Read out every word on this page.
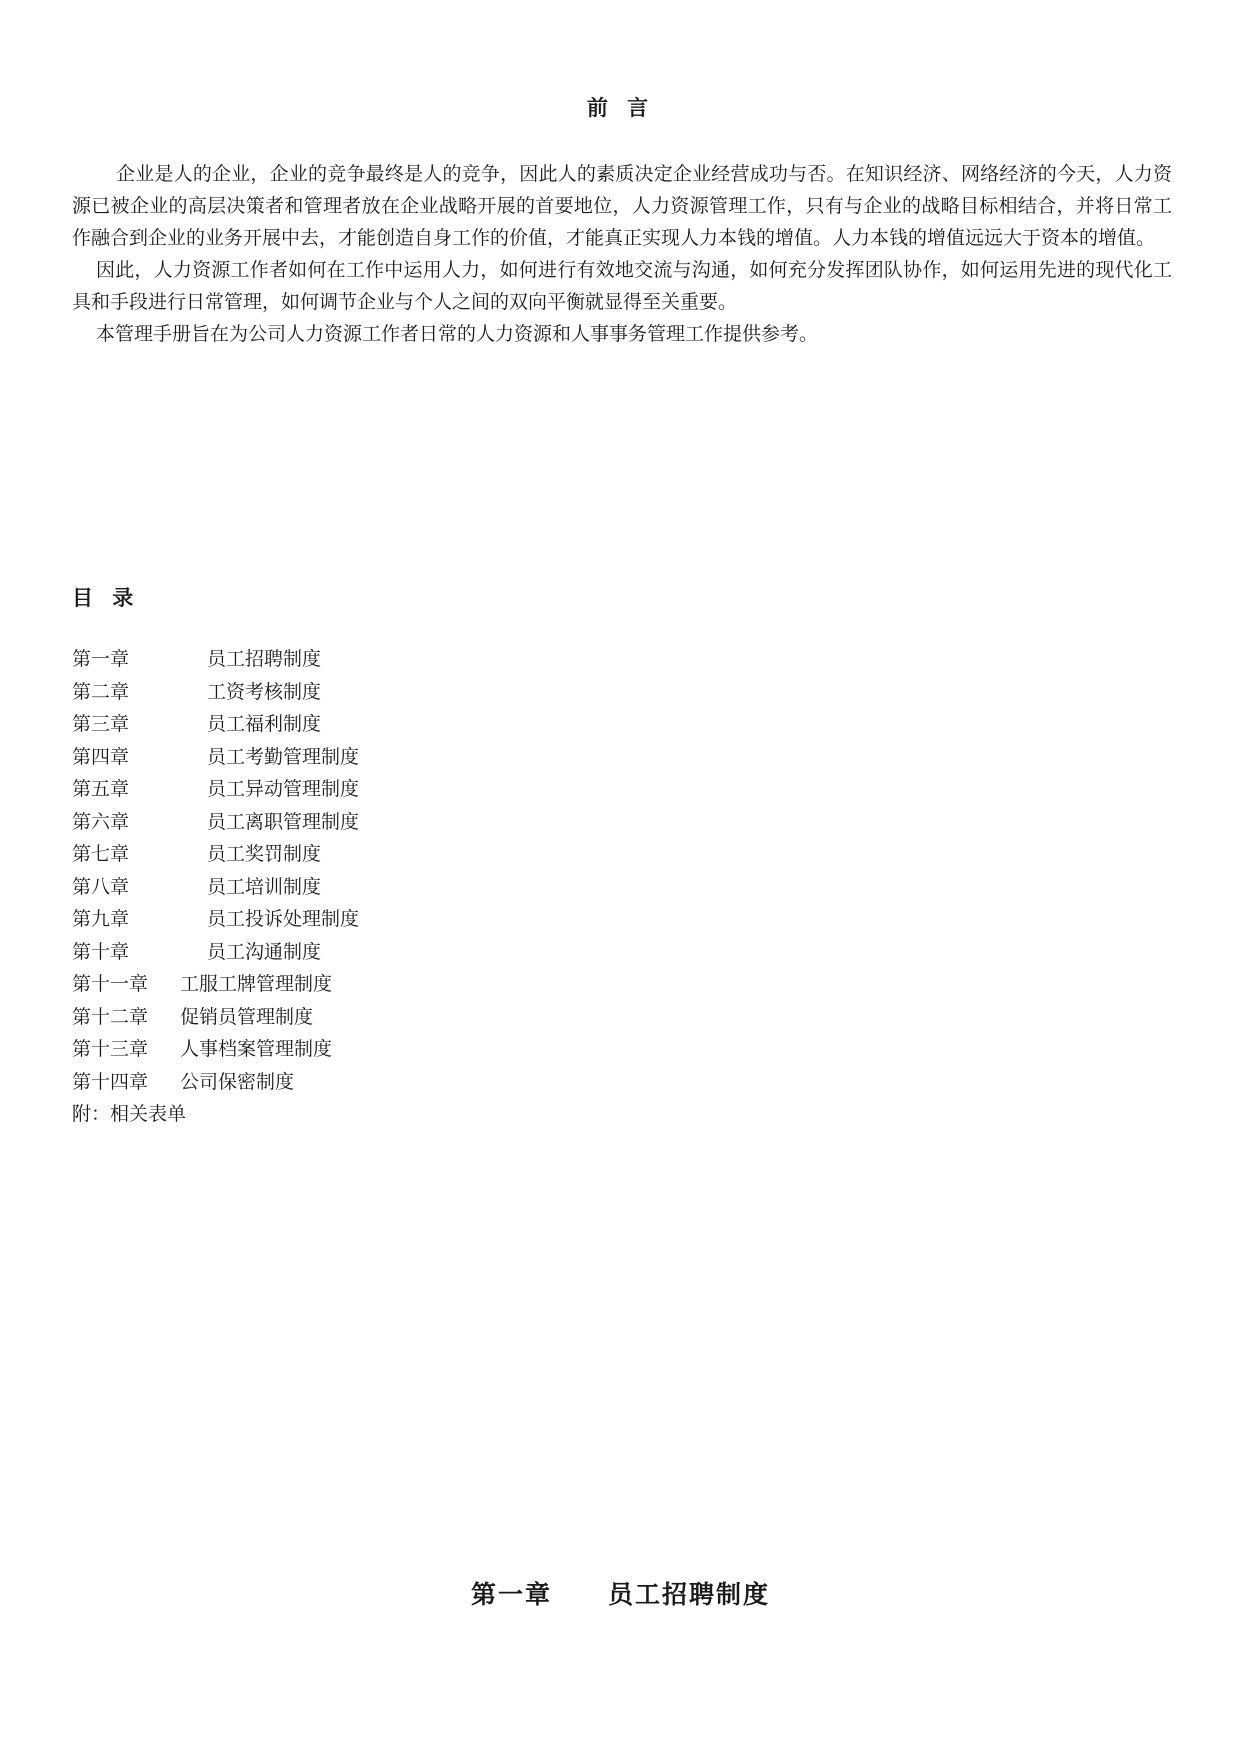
前 言

企业是人的企业，企业的竞争最终是人的竞争，因此人的素质决定企业经营成功与否。在知识经济、网络经济的今天，人力资源已被企业的高层决策者和管理者放在企业战略开展的首要地位，人力资源管理工作，只有与企业的战略目标相结合，并将日常工作融合到企业的业务开展中去，才能创造自身工作的价值，才能真正实现人力本钱的增值。人力本钱的增值远远大于资本的增值。

因此，人力资源工作者如何在工作中运用人力，如何进行有效地交流与沟通，如何充分发挥团队协作，如何运用先进的现代化工具和手段进行日常管理，如何调节企业与个人之间的双向平衡就显得至关重要。

本管理手册旨在为公司人力资源工作者日常的人力资源和人事事务管理工作提供参考。

目 录
第一章	员工招聘制度
第二章	工资考核制度
第三章	员工福利制度
第四章	员工考勤管理制度
第五章	员工异动管理制度
第六章	员工离职管理制度
第七章	员工奖罚制度
第八章	员工培训制度
第九章	员工投诉处理制度
第十章	员工沟通制度
第十一章	工服工牌管理制度
第十二章	促销员管理制度
第十三章	人事档案管理制度
第十四章	公司保密制度
附：相关表单
第一章 员工招聘制度
